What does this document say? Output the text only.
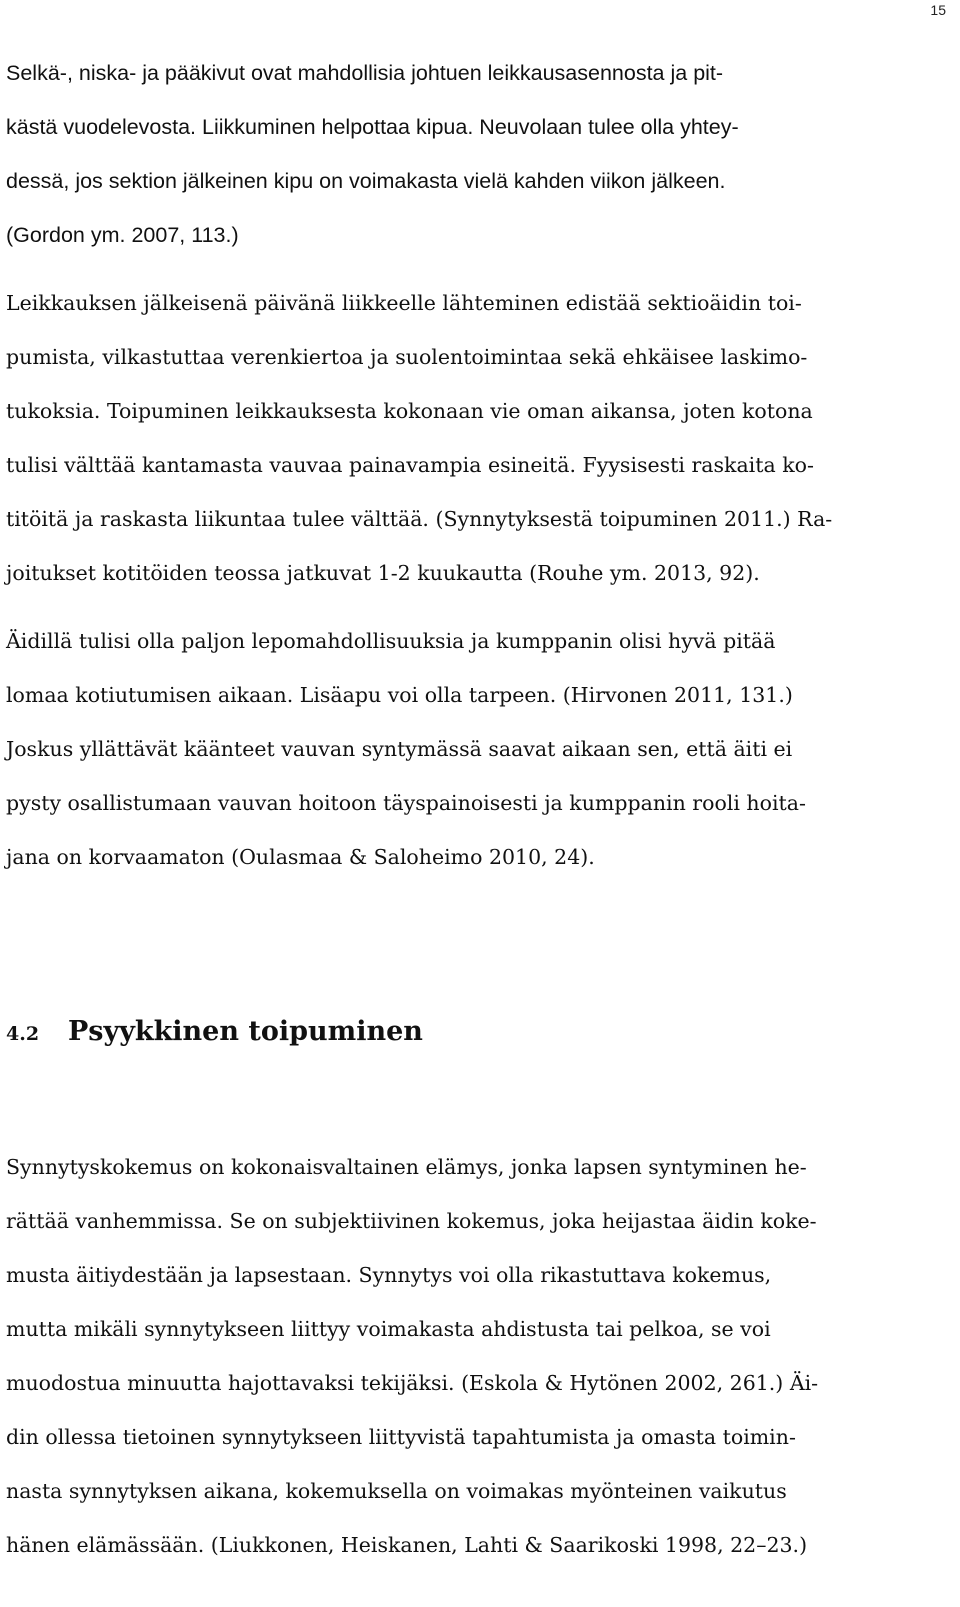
15
Selkä-, niska- ja pääkivut ovat mahdollisia johtuen leikkausasennosta ja pit-
kästä vuodelevosta. Liikkuminen helpottaa kipua. Neuvolaan tulee olla yhtey-
dessä, jos sektion jälkeinen kipu on voimakasta vielä kahden viikon jälkeen.
(Gordon ym. 2007, 113.)
Leikkauksen jälkeisenä päivänä liikkeelle lähteminen edistää sektioäidin toi-
pumista, vilkastuttaa verenkiertoa ja suolentoimintaa sekä ehkäisee laskimo-
tukoksia. Toipuminen leikkauksesta kokonaan vie oman aikansa, joten kotona
tulisi välttää kantamasta vauvaa painavampia esineitä. Fyysisesti raskaita ko-
titöitä ja raskasta liikuntaa tulee välttää. (Synnytyksestä toipuminen 2011.) Ra-
joitukset kotitöiden teossa jatkuvat 1-2 kuukautta (Rouhe ym. 2013, 92).
Äidillä tulisi olla paljon lepomahdollisuuksia ja kumppanin olisi hyvä pitää
lomaa kotiutumisen aikaan. Lisäapu voi olla tarpeen. (Hirvonen 2011, 131.)
Joskus yllättävät käänteet vauvan syntymässä saavat aikaan sen, että äiti ei
pysty osallistumaan vauvan hoitoon täyspainoisesti ja kumppanin rooli hoita-
jana on korvaamaton (Oulasmaa & Saloheimo 2010, 24).
4.2 Psyykkinen toipuminen
Synnytyskokemus on kokonaisvaltainen elämys, jonka lapsen syntyminen he-
rättää vanhemmissa. Se on subjektiivinen kokemus, joka heijastaa äidin koke-
musta äitiydestään ja lapsestaan. Synnytys voi olla rikastuttava kokemus,
mutta mikäli synnytykseen liittyy voimakasta ahdistusta tai pelkoa, se voi
muodostua minuutta hajottavaksi tekijäksi. (Eskola & Hytönen 2002, 261.) Äi-
din ollessa tietoinen synnytykseen liittyvistä tapahtumista ja omasta toimin-
nasta synnytyksen aikana, kokemuksella on voimakas myönteinen vaikutus
hänen elämässään. (Liukkonen, Heiskanen, Lahti & Saarikoski 1998, 22–23.)
